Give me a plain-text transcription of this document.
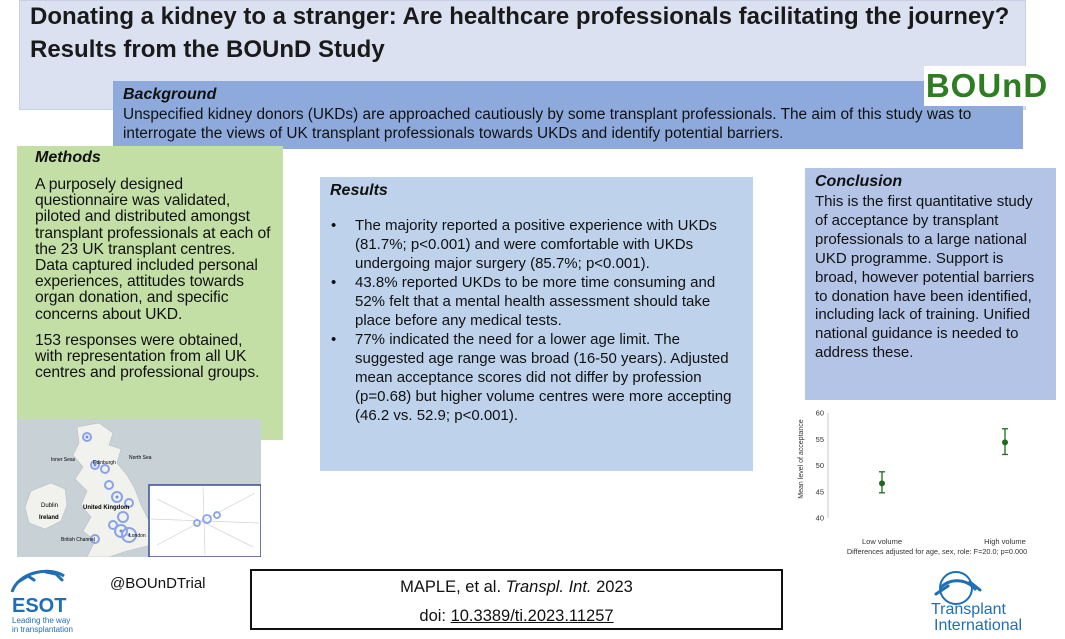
Donating a kidney to a stranger: Are healthcare professionals facilitating the journey? Results from the BOUnD Study
Background
Unspecified kidney donors (UKDs) are approached cautiously by some transplant professionals. The aim of this study was to interrogate the views of UK transplant professionals towards UKDs and identify potential barriers.
BOUnD
Methods
A purposely designed questionnaire was validated, piloted and distributed amongst transplant professionals at each of the 23 UK transplant centres. Data captured included personal experiences, attitudes towards organ donation, and specific concerns about UKD.
153 responses were obtained, with representation from all UK centres and professional groups.
Results
• The majority reported a positive experience with UKDs (81.7%; p<0.001) and were comfortable with UKDs undergoing major surgery (85.7%; p<0.001).
• 43.8% reported UKDs to be more time consuming and 52% felt that a mental health assessment should take place before any medical tests.
• 77% indicated the need for a lower age limit. The suggested age range was broad (16-50 years). Adjusted mean acceptance scores did not differ by profession (p=0.68) but higher volume centres were more accepting (46.2 vs. 52.9; p<0.001).
Conclusion
This is the first quantitative study of acceptance by transplant professionals to a large national UKD programme. Support is broad, however potential barriers to donation have been identified, including lack of training. Unified national guidance is needed to address these.
Inner Seas	North Sea
Edinburgh
Dublin
Ireland
United Kingdom
British Channel
London
40
45
50
55
60
Low volume	High volume
Mean level of acceptance
Differences adjusted for age, sex, role: F=20.0; p=0.000
@BOUnDTrial	MAPLE, et al. Transpl. Int. 2023
doi: 10.3389/ti.2023.11257
ESOT
Leading the way
in transplantation
Transplant
International
